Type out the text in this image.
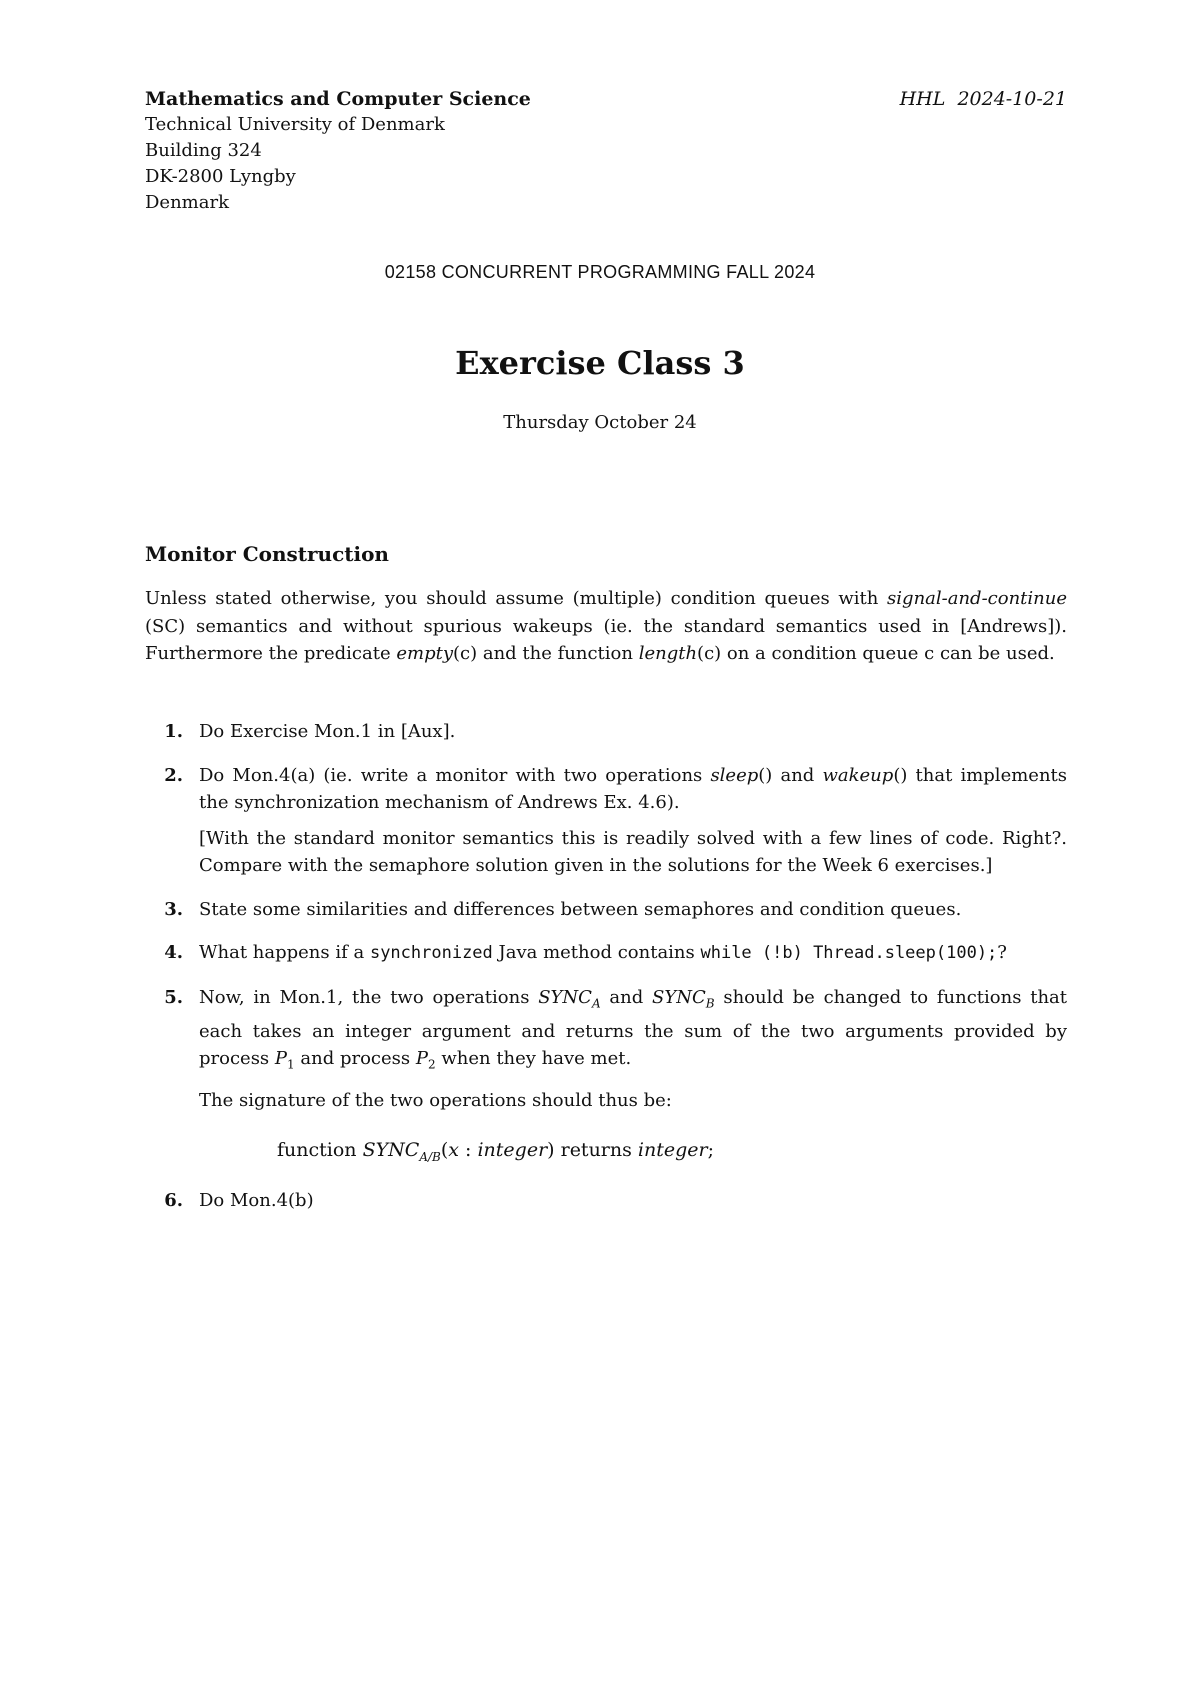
Mathematics and Computer Science
Technical University of Denmark
Building 324
DK-2800 Lyngby
Denmark
HHL  2024-10-21
02158 CONCURRENT PROGRAMMING FALL 2024
Exercise Class 3
Thursday October 24
Monitor Construction
Unless stated otherwise, you should assume (multiple) condition queues with signal-and-continue (SC) semantics and without spurious wakeups (ie. the standard semantics used in [Andrews]). Furthermore the predicate empty(c) and the function length(c) on a condition queue c can be used.
1. Do Exercise Mon.1 in [Aux].

2. Do Mon.4(a) (ie. write a monitor with two operations sleep() and wakeup() that implements the synchronization mechanism of Andrews Ex. 4.6).

[With the standard monitor semantics this is readily solved with a few lines of code. Right?. Compare with the semaphore solution given in the solutions for the Week 6 exercises.]

3. State some similarities and differences between semaphores and condition queues.

4. What happens if a synchronized Java method contains while (!b) Thread.sleep(100);?

5. Now, in Mon.1, the two operations $SYNC_A$ and $SYNC_B$ should be changed to functions that each takes an integer argument and returns the sum of the two arguments provided by process $P_1$ and process $P_2$ when they have met.

The signature of the two operations should thus be:

function $SYNC_{A/B}(x$ : integer) returns integer;

6. Do Mon.4(b)
